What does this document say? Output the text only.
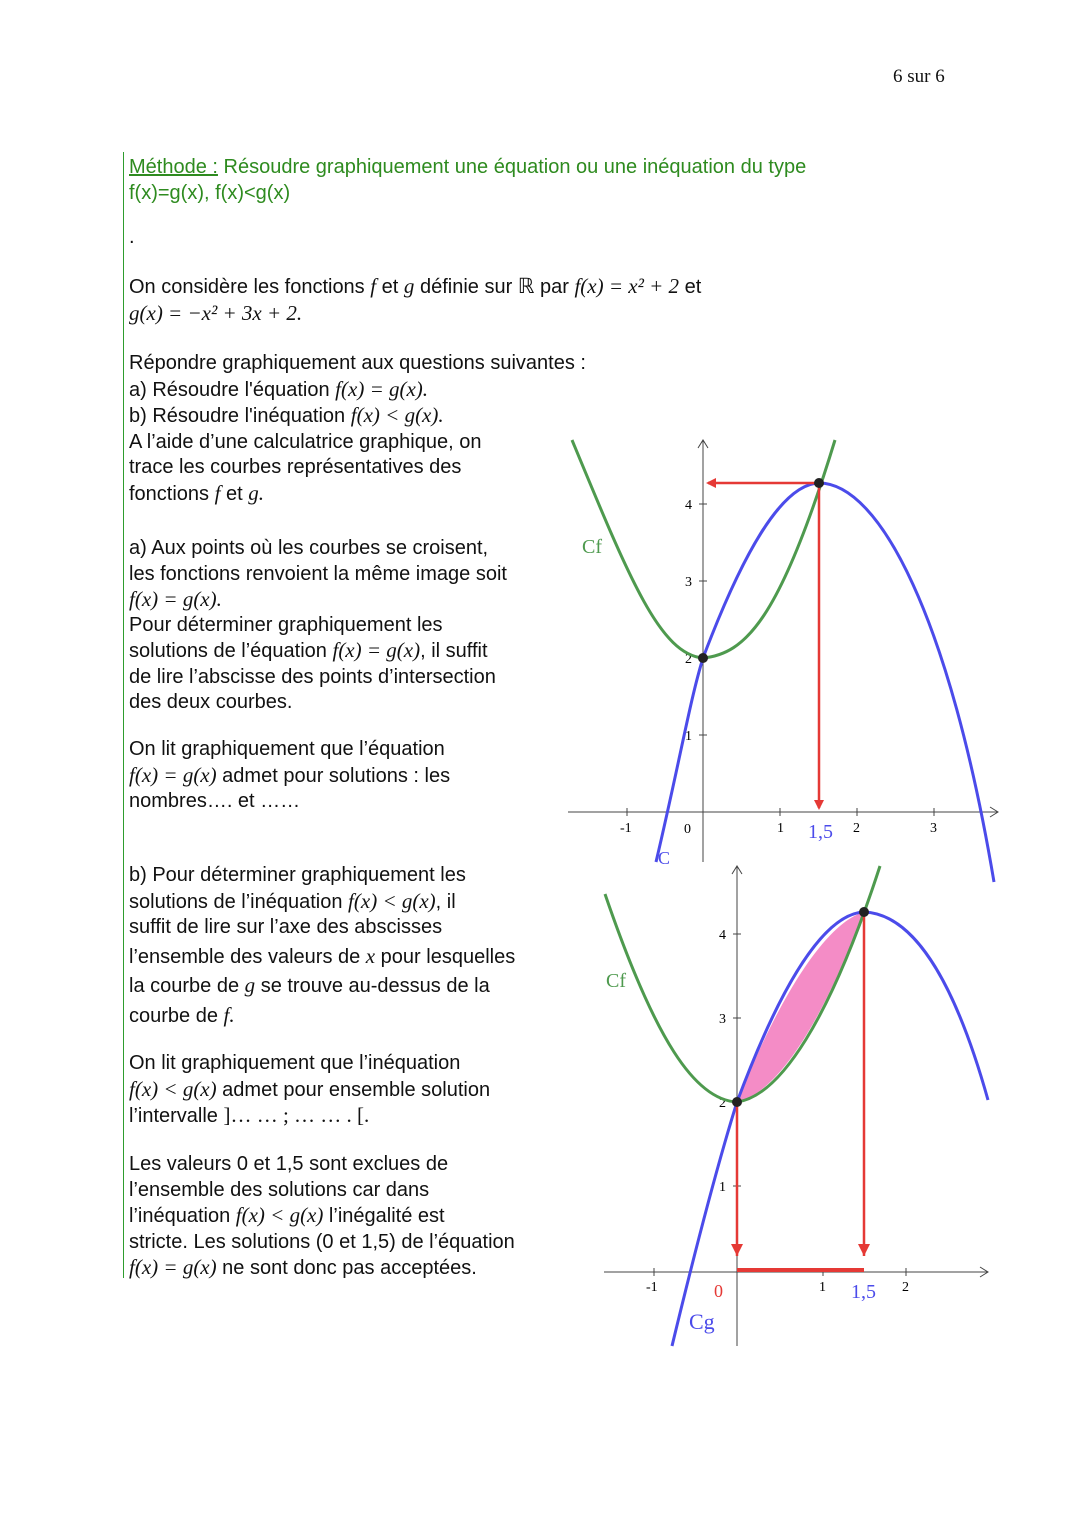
6 sur 6
Méthode : Résoudre graphiquement une équation ou une inéquation du type
f(x)=g(x), f(x)<g(x)
.
On considère les fonctions f et g définie sur ℝ par f(x) = x² + 2 et
g(x) = −x² + 3x + 2.
Répondre graphiquement aux questions suivantes :
a) Résoudre l'équation f(x) = g(x).
b) Résoudre l'inéquation f(x) < g(x).
A l’aide d’une calculatrice graphique, on
trace les courbes représentatives des
fonctions f et g.
a) Aux points où les courbes se croisent,
les fonctions renvoient la même image soit
f(x) = g(x).
Pour déterminer graphiquement les
solutions de l’équation f(x) = g(x), il suffit
de lire l’abscisse des points d’intersection
des deux courbes.
On lit graphiquement que l’équation
f(x) = g(x) admet pour solutions : les
nombres…. et ……
b) Pour déterminer graphiquement les
solutions de l’inéquation f(x) < g(x), il
suffit de lire sur l’axe des abscisses
l’ensemble des valeurs de x pour lesquelles
la courbe de g se trouve au-dessus de la
courbe de f.
On lit graphiquement que l’inéquation
f(x) < g(x) admet pour ensemble solution
l’intervalle ]… … ; … … . [.
Les valeurs 0 et 1,5 sont exclues de
l’ensemble des solutions car dans
l’inéquation f(x) < g(x) l’inégalité est
stricte. Les solutions (0 et 1,5) de l’équation
f(x) = g(x) ne sont donc pas acceptées.
-1	0	1	2	3
1
2
3
4
Cf
C
1,5
-1	0	1	2
1
2
3
4
Cf
Cg
1,5
